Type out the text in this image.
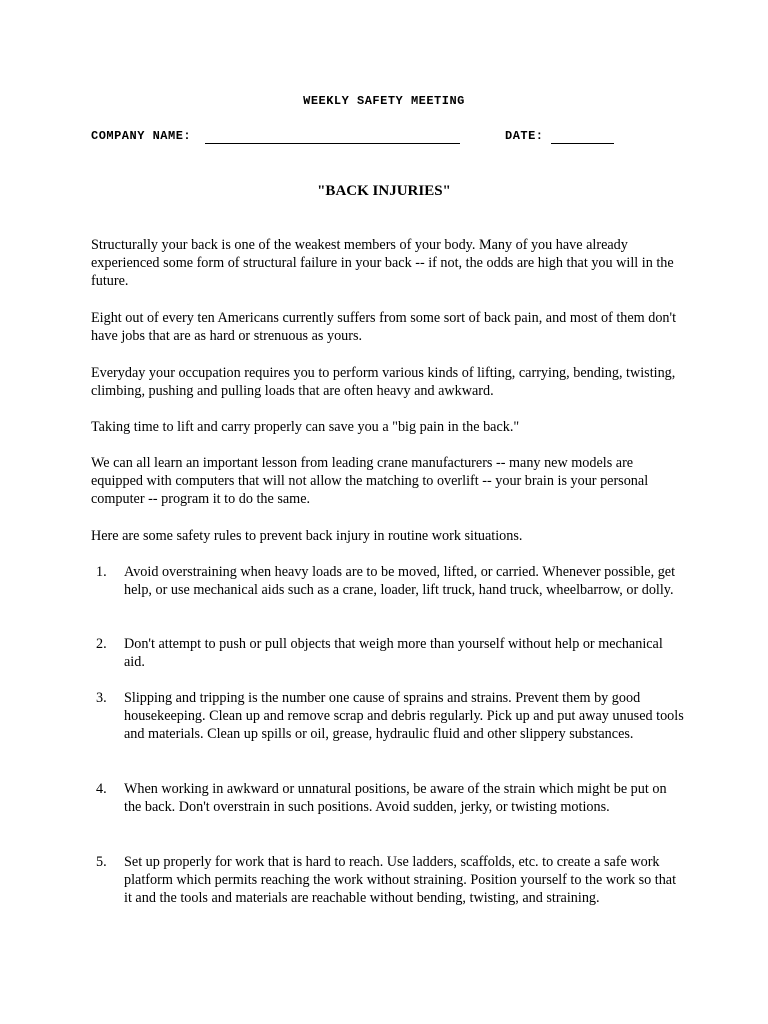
WEEKLY SAFETY MEETING
COMPANY NAME:	DATE:
"BACK INJURIES"
Structurally your back is one of the weakest members of your body. Many of you have already experienced some form of structural failure in your back -- if not, the odds are high that you will in the future.
Eight out of every ten Americans currently suffers from some sort of back pain, and most of them don't have jobs that are as hard or strenuous as yours.
Everyday your occupation requires you to perform various kinds of lifting, carrying, bending, twisting, climbing, pushing and pulling loads that are often heavy and awkward.
Taking time to lift and carry properly can save you a "big pain in the back."
We can all learn an important lesson from leading crane manufacturers -- many new models are equipped with computers that will not allow the matching to overlift -- your brain is your personal computer -- program it to do the same.
Here are some safety rules to prevent back injury in routine work situations.
1.	Avoid overstraining when heavy loads are to be moved, lifted, or carried. Whenever possible, get help, or use mechanical aids such as a crane, loader, lift truck, hand truck, wheelbarrow, or dolly.
2.	Don't attempt to push or pull objects that weigh more than yourself without help or mechanical aid.
3.	Slipping and tripping is the number one cause of sprains and strains. Prevent them by good housekeeping. Clean up and remove scrap and debris regularly. Pick up and put away unused tools and materials. Clean up spills or oil, grease, hydraulic fluid and other slippery substances.
4.	When working in awkward or unnatural positions, be aware of the strain which might be put on the back. Don't overstrain in such positions. Avoid sudden, jerky, or twisting motions.
5.	Set up properly for work that is hard to reach. Use ladders, scaffolds, etc. to create a safe work platform which permits reaching the work without straining. Position yourself to the work so that it and the tools and materials are reachable without bending, twisting, and straining.
